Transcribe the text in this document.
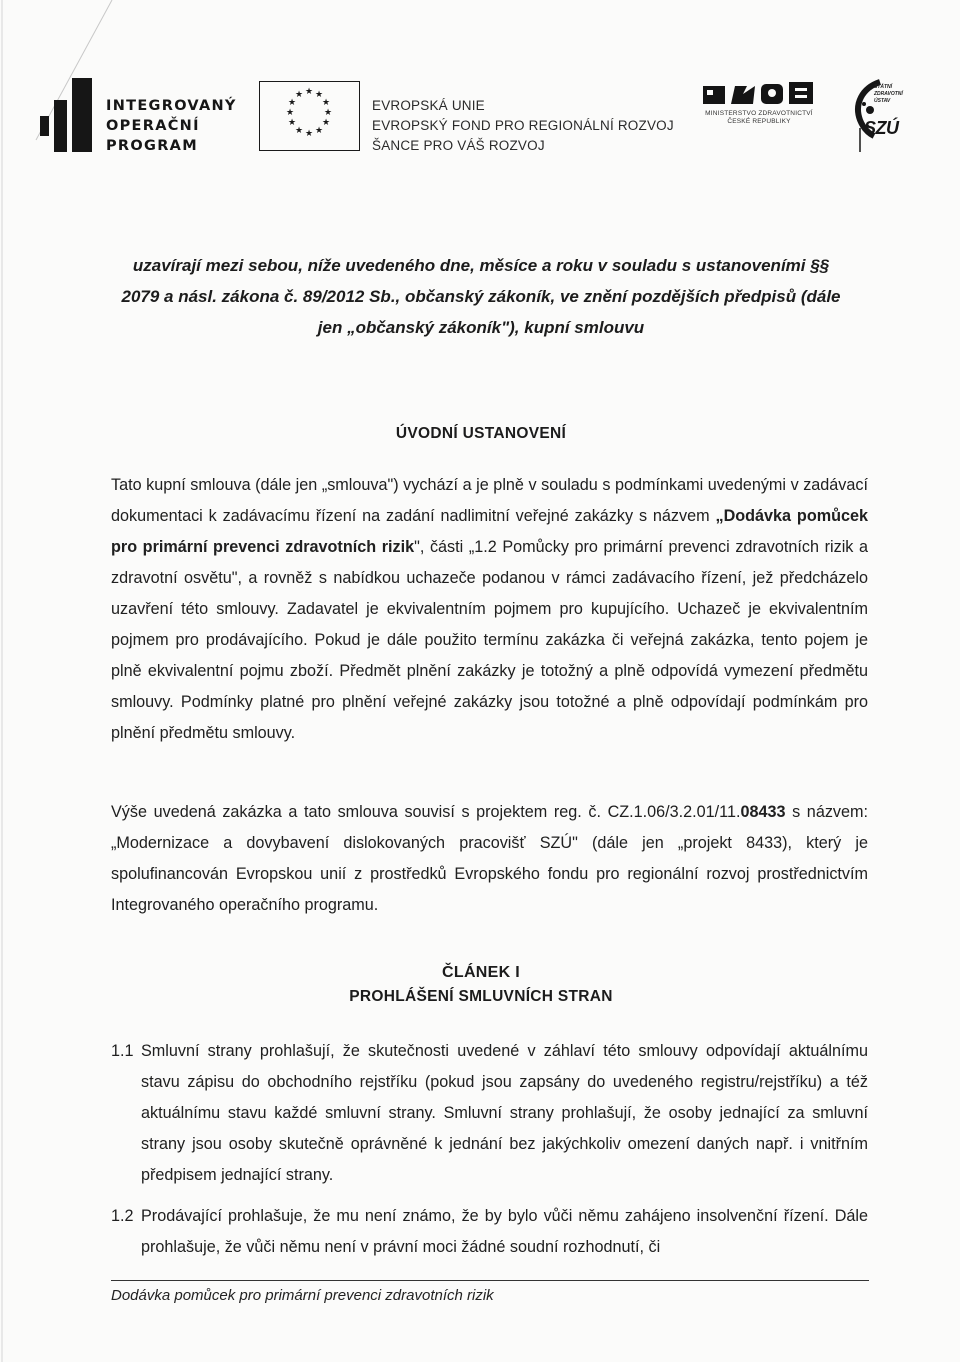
INTEGROVANÝ
OPERAČNÍ
PROGRAM
★ ★
★
★
★
★
★
★
★
★
★
★
EVROPSKÁ UNIE
EVROPSKÝ FOND PRO REGIONÁLNÍ ROZVOJ
ŠANCE PRO VÁŠ ROZVOJ
MINISTERSTVO ZDRAVOTNICTVÍ
ČESKÉ REPUBLIKY
STÁTNÍ
ZDRAVOTNÍ
ÚSTAV
SZÚ
uzavírají mezi sebou, níže uvedeného dne, měsíce a roku v souladu s ustanoveními §§
2079 a násl. zákona č. 89/2012 Sb., občanský zákoník, ve znění pozdějších předpisů (dále
jen „občanský zákoník"), kupní smlouvu
ÚVODNÍ USTANOVENÍ
Tato kupní smlouva (dále jen „smlouva") vychází a je plně v souladu s podmínkami uvedenými v zadávací dokumentaci k zadávacímu řízení na zadání nadlimitní veřejné zakázky s názvem „Dodávka pomůcek pro primární prevenci zdravotních rizik", části „1.2 Pomůcky pro primární prevenci zdravotních rizik a zdravotní osvětu", a rovněž s nabídkou uchazeče podanou v rámci zadávacího řízení, jež předcházelo uzavření této smlouvy. Zadavatel je ekvivalentním pojmem pro kupujícího. Uchazeč je ekvivalentním pojmem pro prodávajícího. Pokud je dále použito termínu zakázka či veřejná zakázka, tento pojem je plně ekvivalentní pojmu zboží. Předmět plnění zakázky je totožný a plně odpovídá vymezení předmětu smlouvy. Podmínky platné pro plnění veřejné zakázky jsou totožné a plně odpovídají podmínkám pro plnění předmětu smlouvy.
Výše uvedená zakázka a tato smlouva souvisí s projektem reg. č. CZ.1.06/3.2.01/11.08433 s názvem: „Modernizace a dovybavení dislokovaných pracovišť SZÚ" (dále jen „projekt 8433), který je spolufinancován Evropskou unií z prostředků Evropského fondu pro regionální rozvoj prostřednictvím Integrovaného operačního programu.
ČLÁNEK I
PROHLÁŠENÍ SMLUVNÍCH STRAN
1.1 Smluvní strany prohlašují, že skutečnosti uvedené v záhlaví této smlouvy odpovídají aktuálnímu stavu zápisu do obchodního rejstříku (pokud jsou zapsány do uvedeného registru/rejstříku) a též aktuálnímu stavu každé smluvní strany. Smluvní strany prohlašují, že osoby jednající za smluvní strany jsou osoby skutečně oprávněné k jednání bez jakýchkoliv omezení daných např. i vnitřním předpisem jednající strany.
1.2 Prodávající prohlašuje, že mu není známo, že by bylo vůči němu zahájeno insolvenční řízení. Dále prohlašuje, že vůči němu není v právní moci žádné soudní rozhodnutí, či
Dodávka pomůcek pro primární prevenci zdravotních rizik
